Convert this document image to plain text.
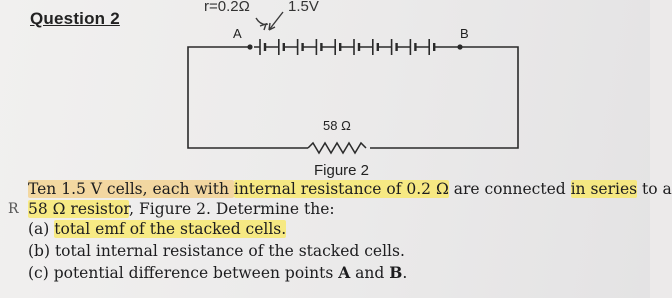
Question 2
r=0.2Ω	1.5V
A	B
58 Ω
Figure 2
Ten 1.5 V cells, each with internal resistance of 0.2 Ω are connected in series to a
R 58 Ω resistor, Figure 2. Determine the:
(a) total emf of the stacked cells.
(b) total internal resistance of the stacked cells.
(c) potential difference between points A and B.
